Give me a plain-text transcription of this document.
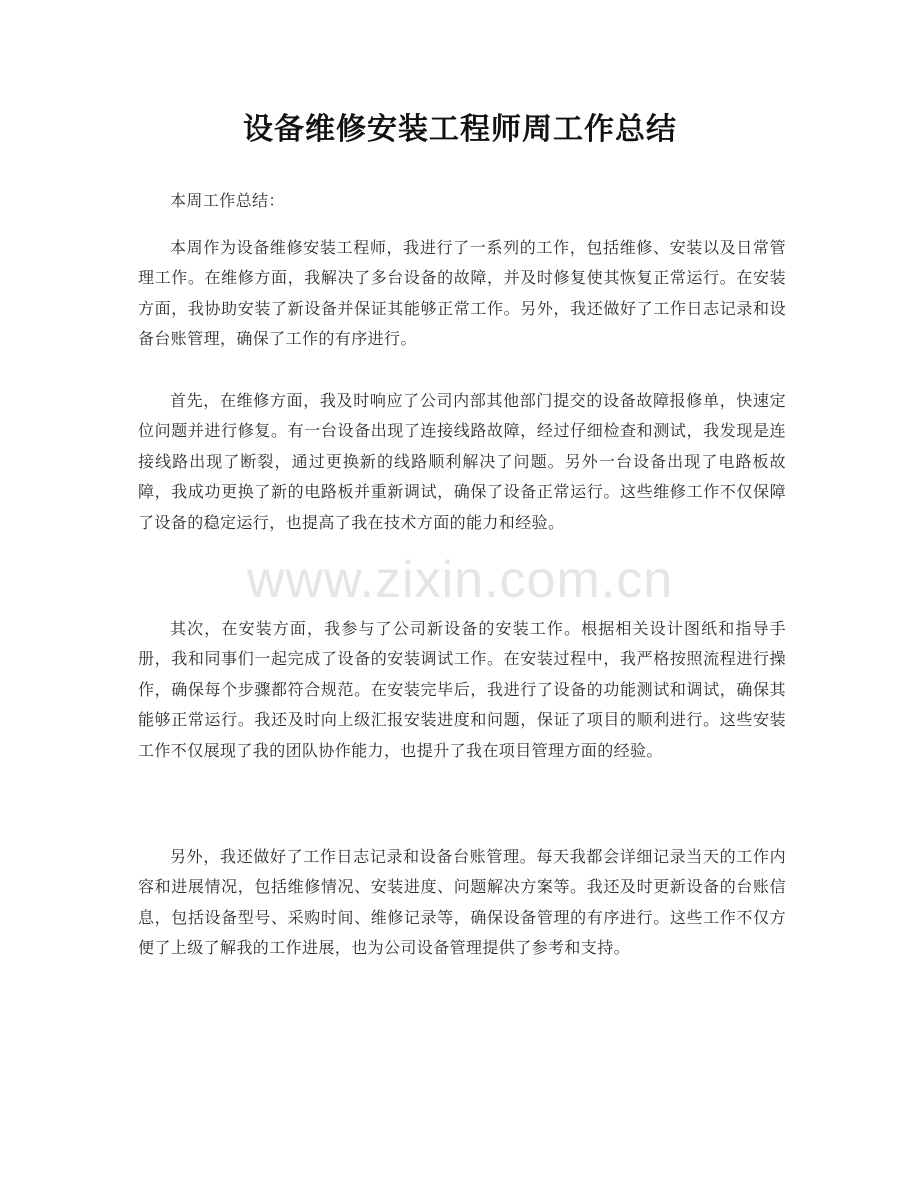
设备维修安装工程师周工作总结

本周工作总结：

本周作为设备维修安装工程师，我进行了一系列的工作，包括维修、安装以及日常管理工作。在维修方面，我解决了多台设备的故障，并及时修复使其恢复正常运行。在安装方面，我协助安装了新设备并保证其能够正常工作。另外，我还做好了工作日志记录和设备台账管理，确保了工作的有序进行。

首先，在维修方面，我及时响应了公司内部其他部门提交的设备故障报修单，快速定位问题并进行修复。有一台设备出现了连接线路故障，经过仔细检查和测试，我发现是连接线路出现了断裂，通过更换新的线路顺利解决了问题。另外一台设备出现了电路板故障，我成功更换了新的电路板并重新调试，确保了设备正常运行。这些维修工作不仅保障了设备的稳定运行，也提高了我在技术方面的能力和经验。

其次，在安装方面，我参与了公司新设备的安装工作。根据相关设计图纸和指导手册，我和同事们一起完成了设备的安装调试工作。在安装过程中，我严格按照流程进行操作，确保每个步骤都符合规范。在安装完毕后，我进行了设备的功能测试和调试，确保其能够正常运行。我还及时向上级汇报安装进度和问题，保证了项目的顺利进行。这些安装工作不仅展现了我的团队协作能力，也提升了我在项目管理方面的经验。

另外，我还做好了工作日志记录和设备台账管理。每天我都会详细记录当天的工作内容和进展情况，包括维修情况、安装进度、问题解决方案等。我还及时更新设备的台账信息，包括设备型号、采购时间、维修记录等，确保设备管理的有序进行。这些工作不仅方便了上级了解我的工作进展，也为公司设备管理提供了参考和支持。

www.zixin.com.cn
